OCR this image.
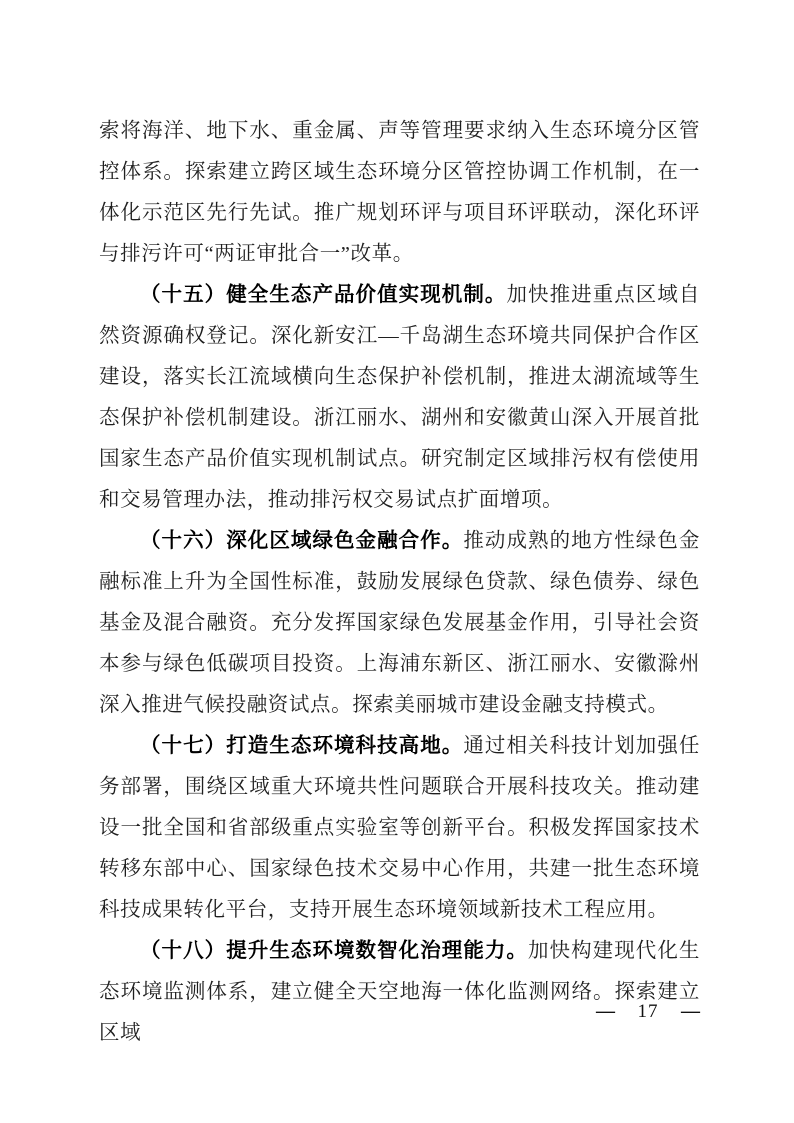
索将海洋、地下水、重金属、声等管理要求纳入生态环境分区管控体系。探索建立跨区域生态环境分区管控协调工作机制，在一体化示范区先行先试。推广规划环评与项目环评联动，深化环评与排污许可“两证审批合一”改革。

（十五）健全生态产品价值实现机制。加快推进重点区域自然资源确权登记。深化新安江—千岛湖生态环境共同保护合作区建设，落实长江流域横向生态保护补偿机制，推进太湖流域等生态保护补偿机制建设。浙江丽水、湖州和安徽黄山深入开展首批国家生态产品价值实现机制试点。研究制定区域排污权有偿使用和交易管理办法，推动排污权交易试点扩面增项。

（十六）深化区域绿色金融合作。推动成熟的地方性绿色金融标准上升为全国性标准，鼓励发展绿色贷款、绿色债券、绿色基金及混合融资。充分发挥国家绿色发展基金作用，引导社会资本参与绿色低碳项目投资。上海浦东新区、浙江丽水、安徽滁州深入推进气候投融资试点。探索美丽城市建设金融支持模式。

（十七）打造生态环境科技高地。通过相关科技计划加强任务部署，围绕区域重大环境共性问题联合开展科技攻关。推动建设一批全国和省部级重点实验室等创新平台。积极发挥国家技术转移东部中心、国家绿色技术交易中心作用，共建一批生态环境科技成果转化平台，支持开展生态环境领域新技术工程应用。

（十八）提升生态环境数智化治理能力。加快构建现代化生态环境监测体系，建立健全天空地海一体化监测网络。探索建立区域

— 17 —
